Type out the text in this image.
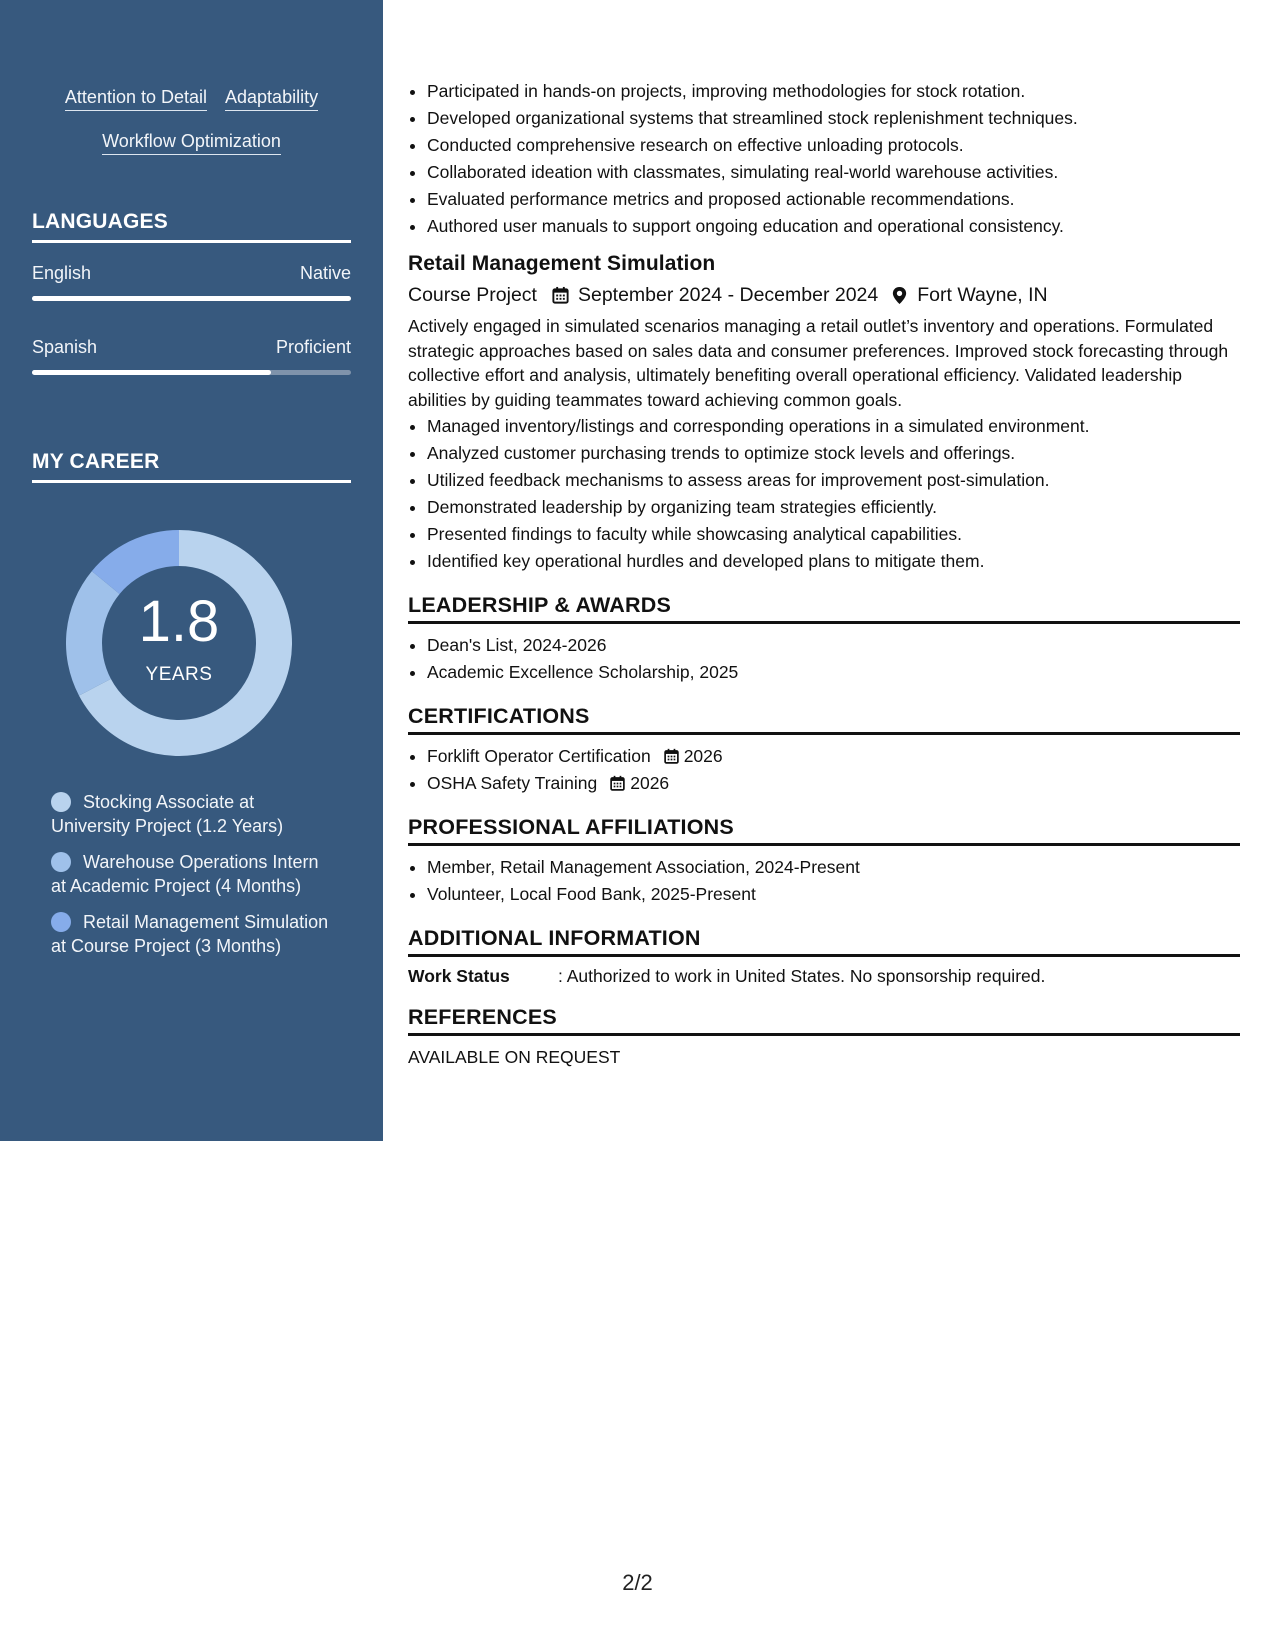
Attention to Detail Adaptability
Workflow Optimization
LANGUAGES
English	Native
Spanish	Proficient
MY CAREER
1.8
YEARS
Stocking Associate at University Project (1.2 Years)
Warehouse Operations Intern at Academic Project (4 Months)
Retail Management Simulation at Course Project (3 Months)
• Participated in hands-on projects, improving methodologies for stock rotation.
• Developed organizational systems that streamlined stock replenishment techniques.
• Conducted comprehensive research on effective unloading protocols.
• Collaborated ideation with classmates, simulating real-world warehouse activities.
• Evaluated performance metrics and proposed actionable recommendations.
• Authored user manuals to support ongoing education and operational consistency.
Retail Management Simulation
Course Project September 2024 - December 2024 Fort Wayne, IN
Actively engaged in simulated scenarios managing a retail outlet’s inventory and operations. Formulated strategic approaches based on sales data and consumer preferences. Improved stock forecasting through collective effort and analysis, ultimately benefiting overall operational efficiency. Validated leadership abilities by guiding teammates toward achieving common goals.
• Managed inventory/listings and corresponding operations in a simulated environment.
• Analyzed customer purchasing trends to optimize stock levels and offerings.
• Utilized feedback mechanisms to assess areas for improvement post-simulation.
• Demonstrated leadership by organizing team strategies efficiently.
• Presented findings to faculty while showcasing analytical capabilities.
• Identified key operational hurdles and developed plans to mitigate them.
LEADERSHIP & AWARDS
• Dean's List, 2024-2026
• Academic Excellence Scholarship, 2025
CERTIFICATIONS
• Forklift Operator Certification 2026
• OSHA Safety Training 2026
PROFESSIONAL AFFILIATIONS
• Member, Retail Management Association, 2024-Present
• Volunteer, Local Food Bank, 2025-Present
ADDITIONAL INFORMATION
Work Status	: Authorized to work in United States. No sponsorship required.
REFERENCES
AVAILABLE ON REQUEST
2/2
